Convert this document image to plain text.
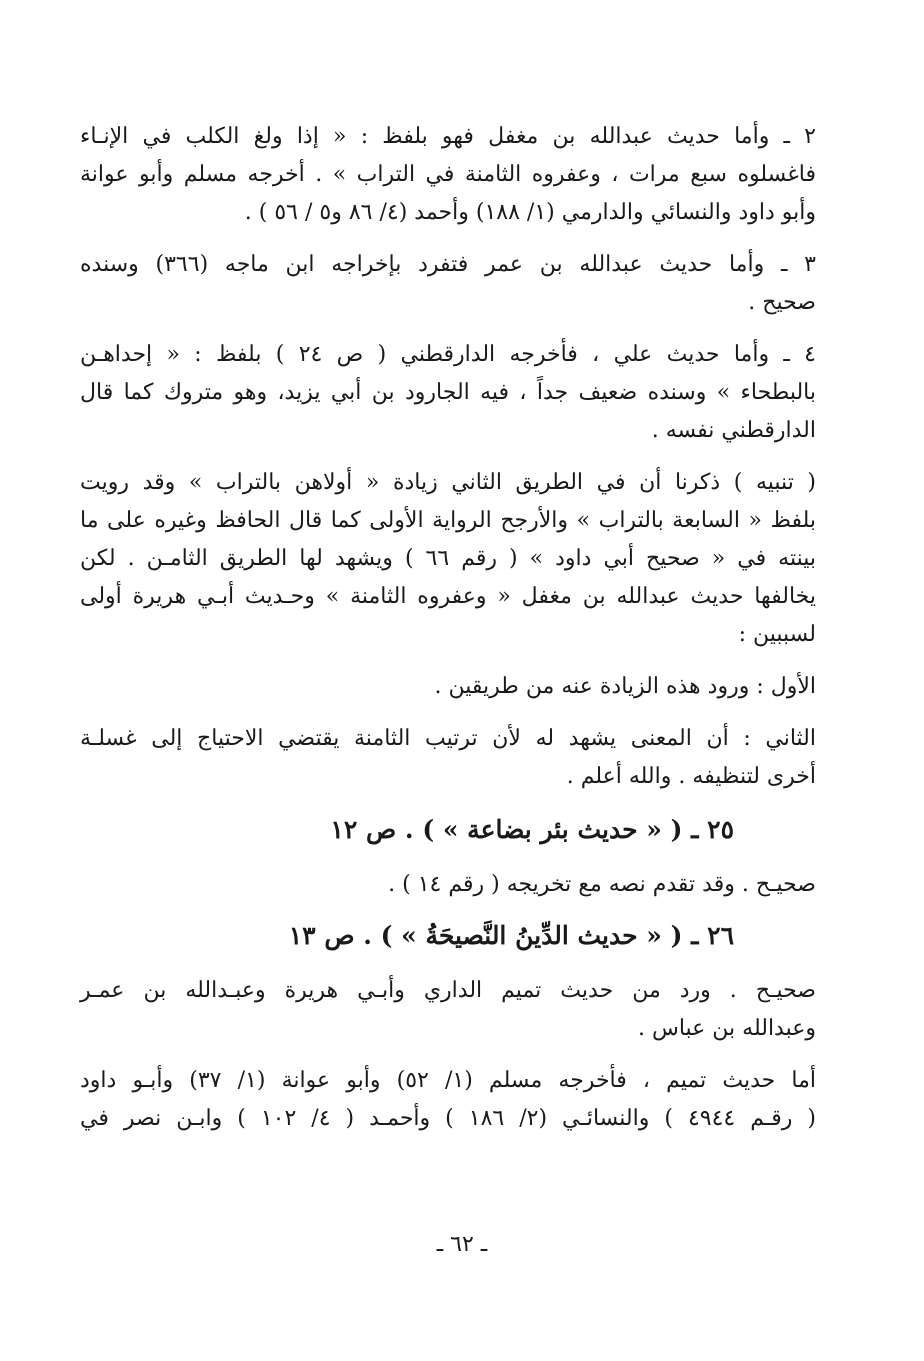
٢ ـ وأما حديث عبدالله بن مغفل فهو بلفظ : « إذا ولغ الكلب في الإنـاء
فاغسلوه سبع مرات ، وعفروه الثامنة في التراب » . أخرجه مسلم وأبو عوانة
وأبو داود والنسائي والدارمي (١/ ١٨٨) وأحمد (٤/ ٨٦ و٥ / ٥٦ ) .
٣ ـ وأما حديث عبدالله بن عمر فتفرد بإخراجه ابن ماجه (٣٦٦) وسنده
صحيح .
٤ ـ وأما حديث علي ، فأخرجه الدارقطني ( ص ٢٤ ) بلفظ : « إحداهـن
بالبطحاء » وسنده ضعيف جداً ، فيه الجارود بن أبي يزيد، وهو متروك كما قال
الدارقطني نفسه .
( تنبيه ) ذكرنا أن في الطريق الثاني زيادة « أولاهن بالتراب » وقد رويت
بلفظ « السابعة بالتراب » والأرجح الرواية الأولى كما قال الحافظ وغيره على ما
بينته في « صحيح أبي داود » ( رقم ٦٦ ) ويشهد لها الطريق الثامـن . لكن
يخالفها حديث عبدالله بن مغفل « وعفروه الثامنة » وحـديث أبـي هريرة أولى
لسببين :
الأول : ورود هذه الزيادة عنه من طريقين .
الثاني : أن المعنى يشهد له لأن ترتيب الثامنة يقتضي الاحتياج إلى غسلـة
أخرى لتنظيفه . والله أعلم .
٢٥ ـ ( « حديث بئر بضاعة » ) . ص ١٢
صحيـح . وقد تقدم نصه مع تخريجه ( رقم ١٤ ) .
٢٦ ـ ( « حديث الدِّينُ النَّصيحَةُ » ) . ص ١٣
صحيـح . ورد من حديث تميم الداري وأبـي هريرة وعبـدالله بن عمـر
وعبدالله بن عباس .
أما حديث تميم ، فأخرجه مسلم (١/ ٥٢) وأبو عوانة (١/ ٣٧) وأبـو داود
( رقـم ٤٩٤٤ ) والنسائـي (٢/ ١٨٦ ) وأحمـد ( ٤/ ١٠٢ ) وابـن نصر في
ـ ٦٢ ـ
